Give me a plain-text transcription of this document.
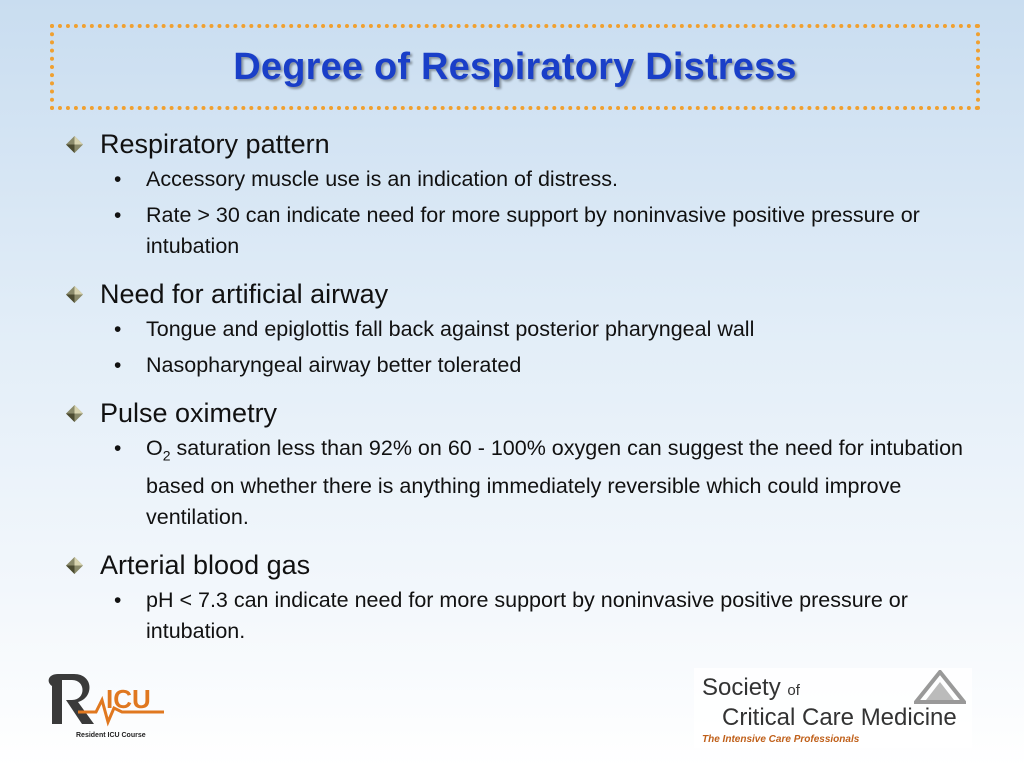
Degree of Respiratory Distress
Respiratory pattern
• Accessory muscle use is an indication of distress.
• Rate > 30 can indicate need for more support by noninvasive positive pressure or intubation
Need for artificial airway
• Tongue and epiglottis fall back against posterior pharyngeal wall
• Nasopharyngeal airway better tolerated
Pulse oximetry
• $O_2$ saturation less than 92% on 60 - 100% oxygen can suggest the need for intubation based on whether there is anything immediately reversible which could improve ventilation.
Arterial blood gas
• pH < 7.3 can indicate need for more support by noninvasive positive pressure or intubation.
ICU
Resident ICU Course
Society of
Critical Care Medicine
The Intensive Care Professionals
